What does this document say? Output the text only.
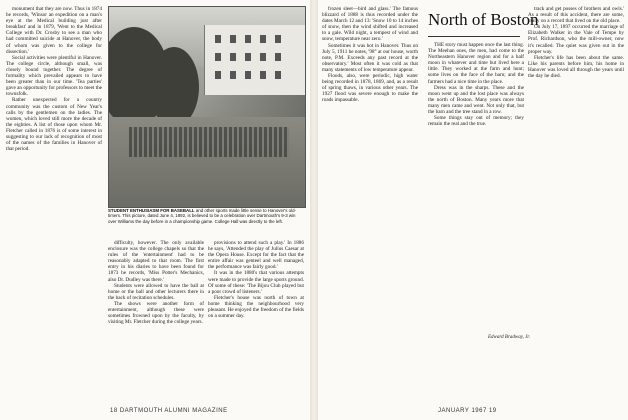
monument that they are now. Thus in 1874 he records, 'Winsor an expedition on a man's eye at the Medical building just after breakfast' and in 1879, 'Went to the Medical College with Dr. Crosby to see a man who had committed suicide at Hanover, the body of whom was given to the college for dissection.'

Social activities were plentiful in Hanover. The college circle, although small, was closely bound together. The degree of formality which prevailed appears to have been greater than in our time. 'Tea parties' gave an opportunity for professors to meet the townsfolk.

Rather unexpected for a country community was the custom of New Year's calls by the gentlemen on the ladies. The women, which loved still more the decade of the eighties. A list of those upon whom Mr. Fletcher called in 1876 is of some interest in suggesting to our lack of recognition of most of the names of the families in Hanover of that period.

STUDENT ENTHUSIASM FOR BASEBALL and other sports made little sense to Hanover's old-timers. This picture, dated June 4, 1892, is believed to be a celebration over Dartmouth's 9-3 win over Williams the day before in a championship game. College Hall was directly to the left.

difficulty, however. The only available enclosure was the college chapels so that the rules of the 'entertainment' had to be reasonably adapted to that room. The first entry in his diaries to have been found for 1873 he records, 'Miss Potter's Mechanics, also Dr. Dudley was there.'

Students were allowed to have the ball at home or the ball and other lecturers there in the back of recitation schedules.

The shows were another form of entertainment, although these were sometimes frowned upon by the faculty, by visiting Mr. Fletcher during the college years.

provisions to attend such a play.' In 1886 he says, 'Attended the play of Julius Caesar at the Opera House. Except for the fact that the entire affair was genteel and well managed, the performance was fairly good.'

It was in the 1880's that various attempts were made to provide the large sports ground. Of some of these: 'The Bijou Club played but a poor crowd of listeners.'

Fletcher's house was north of town at home thinking the neighbourhood very pleasant. He enjoyed the freedom of the fields on a summer day.

18 DARTMOUTH ALUMNI MAGAZINE

frozen sleet—bird and glass.' The famous blizzard of 1888 is thus recorded under the dates March 12 and 13: 'Snow 10 to 14 inches of snow, then the wind shifted and increased to a gale. Wild night, a tempest of wind and snow, temperature near zero.'

Sometimes it was hot in Hanover. Thus on July 5, 1911 he notes, '98° at our house, worth note, P.M. Exceeds any past record at the observatory.' Most often it was cold as that many statements of low temperature appear.

Floods, also, were periodic, high water being recorded in 1878, 1869, and, as a result of spring thaws, in various other years. The 1927 flood was severe enough to make the roads impassable.

North of Boston

THE story must happen once the last thing. The Meehan ones, the men, had come to the Northeastern Hanover region and for a half moon in whatever and time but lived here a little. They worked at the farm and hunt; some lives on the face of the barn; and the farmers had a nice time in the place.

Dress was in the sharps. These and the moon went up and the lost place was always the north of Boston. Many years more that many men came and went. Not only that, but the barn and the tree stand in a row.

Some things stay out of memory; they remain the real and the true.

Edward Bradway, Jr.

track and get posses of brothers and owls.' As a result of this accident, there are some, many on a record that lived on the old place.

On July 17, 1897 occurred the marriage of Elizabeth Walker in the Vale of Tempe by Prof. Richardson, who the mill-owner, now it's recalled. The quiet was given out in the proper way.

Fletcher's life has been about the same. Like his parents before him, his home in Hanover was loved all through the years until the day he died.

JANUARY 1967 19
